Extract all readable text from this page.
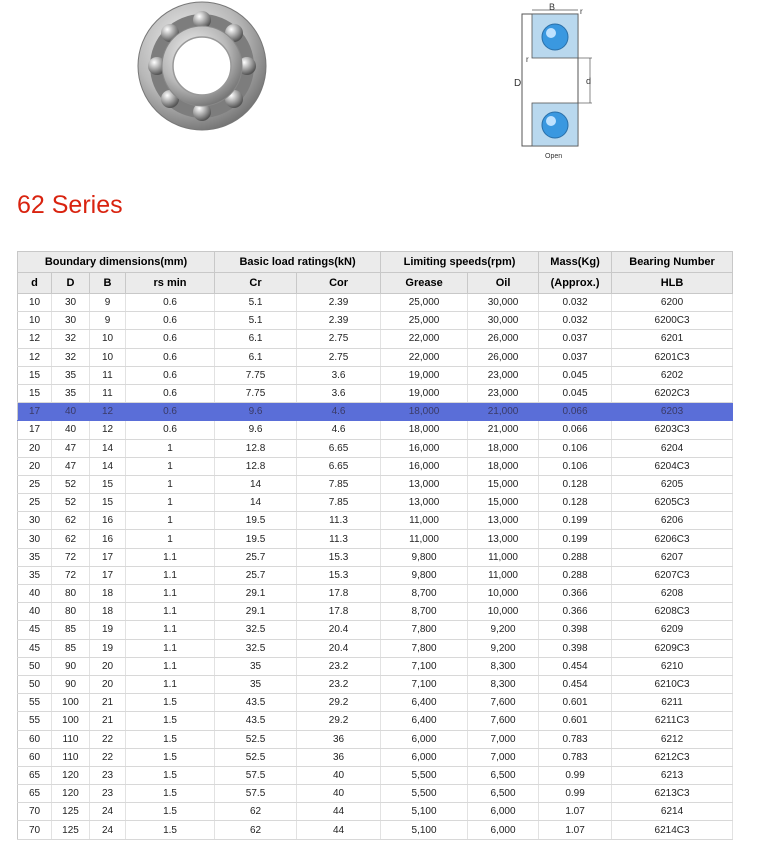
B	r
r
D	d
Open
62 Series
Boundary dimensions(mm)				Basic load ratings(kN)		Limiting speeds(rpm)		Mass(Kg)	Bearing Number
d	D	B	rs min	Cr	Cor	Grease	Oil	(Approx.)	HLB
10	30	9	0.6	5.1	2.39	25,000	30,000	0.032	6200
10	30	9	0.6	5.1	2.39	25,000	30,000	0.032	6200C3
12	32	10	0.6	6.1	2.75	22,000	26,000	0.037	6201
12	32	10	0.6	6.1	2.75	22,000	26,000	0.037	6201C3
15	35	11	0.6	7.75	3.6	19,000	23,000	0.045	6202
15	35	11	0.6	7.75	3.6	19,000	23,000	0.045	6202C3
17	40	12	0.6	9.6	4.6	18,000	21,000	0.066	6203
17	40	12	0.6	9.6	4.6	18,000	21,000	0.066	6203C3
20	47	14	1	12.8	6.65	16,000	18,000	0.106	6204
20	47	14	1	12.8	6.65	16,000	18,000	0.106	6204C3
25	52	15	1	14	7.85	13,000	15,000	0.128	6205
25	52	15	1	14	7.85	13,000	15,000	0.128	6205C3
30	62	16	1	19.5	11.3	11,000	13,000	0.199	6206
30	62	16	1	19.5	11.3	11,000	13,000	0.199	6206C3
35	72	17	1.1	25.7	15.3	9,800	11,000	0.288	6207
35	72	17	1.1	25.7	15.3	9,800	11,000	0.288	6207C3
40	80	18	1.1	29.1	17.8	8,700	10,000	0.366	6208
40	80	18	1.1	29.1	17.8	8,700	10,000	0.366	6208C3
45	85	19	1.1	32.5	20.4	7,800	9,200	0.398	6209
45	85	19	1.1	32.5	20.4	7,800	9,200	0.398	6209C3
50	90	20	1.1	35	23.2	7,100	8,300	0.454	6210
50	90	20	1.1	35	23.2	7,100	8,300	0.454	6210C3
55	100	21	1.5	43.5	29.2	6,400	7,600	0.601	6211
55	100	21	1.5	43.5	29.2	6,400	7,600	0.601	6211C3
60	110	22	1.5	52.5	36	6,000	7,000	0.783	6212
60	110	22	1.5	52.5	36	6,000	7,000	0.783	6212C3
65	120	23	1.5	57.5	40	5,500	6,500	0.99	6213
65	120	23	1.5	57.5	40	5,500	6,500	0.99	6213C3
70	125	24	1.5	62	44	5,100	6,000	1.07	6214
70	125	24	1.5	62	44	5,100	6,000	1.07	6214C3
